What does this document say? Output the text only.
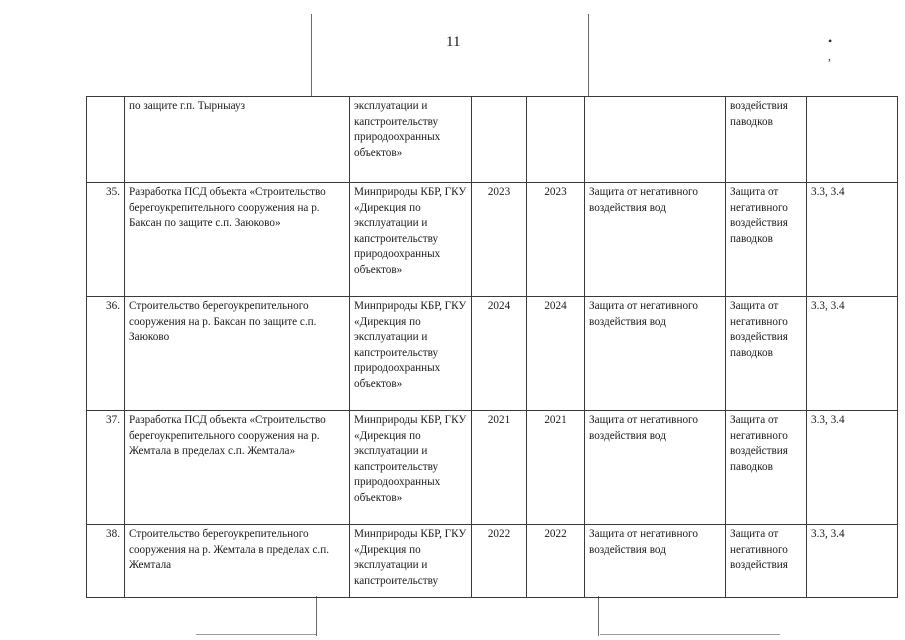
11	• ,
	по защите г.п. Тырныауз	эксплуатации и капстроительству природоохранных объектов»				воздействия паводков	
35.	Разработка ПСД объекта «Строительство берегоукрепительного сооружения на р. Баксан по защите с.п. Заюково»	Минприроды КБР, ГКУ «Дирекция по эксплуатации и капстроительству природоохранных объектов»	2023	2023	Защита от негативного воздействия вод	Защита от негативного воздействия паводков	3.3, 3.4
36.	Строительство берегоукрепительного сооружения на р. Баксан по защите с.п. Заюково	Минприроды КБР, ГКУ «Дирекция по эксплуатации и капстроительству природоохранных объектов»	2024	2024	Защита от негативного воздействия вод	Защита от негативного воздействия паводков	3.3, 3.4
37.	Разработка ПСД объекта «Строительство берегоукрепительного сооружения на р. Жемтала в пределах с.п. Жемтала»	Минприроды КБР, ГКУ «Дирекция по эксплуатации и капстроительству природоохранных объектов»	2021	2021	Защита от негативного воздействия вод	Защита от негативного воздействия паводков	3.3, 3.4
38.	Строительство берегоукрепительного сооружения на р. Жемтала в пределах с.п. Жемтала	Минприроды КБР, ГКУ «Дирекция по эксплуатации и капстроительству	2022	2022	Защита от негативного воздействия вод	Защита от негативного воздействия	3.3, 3.4
